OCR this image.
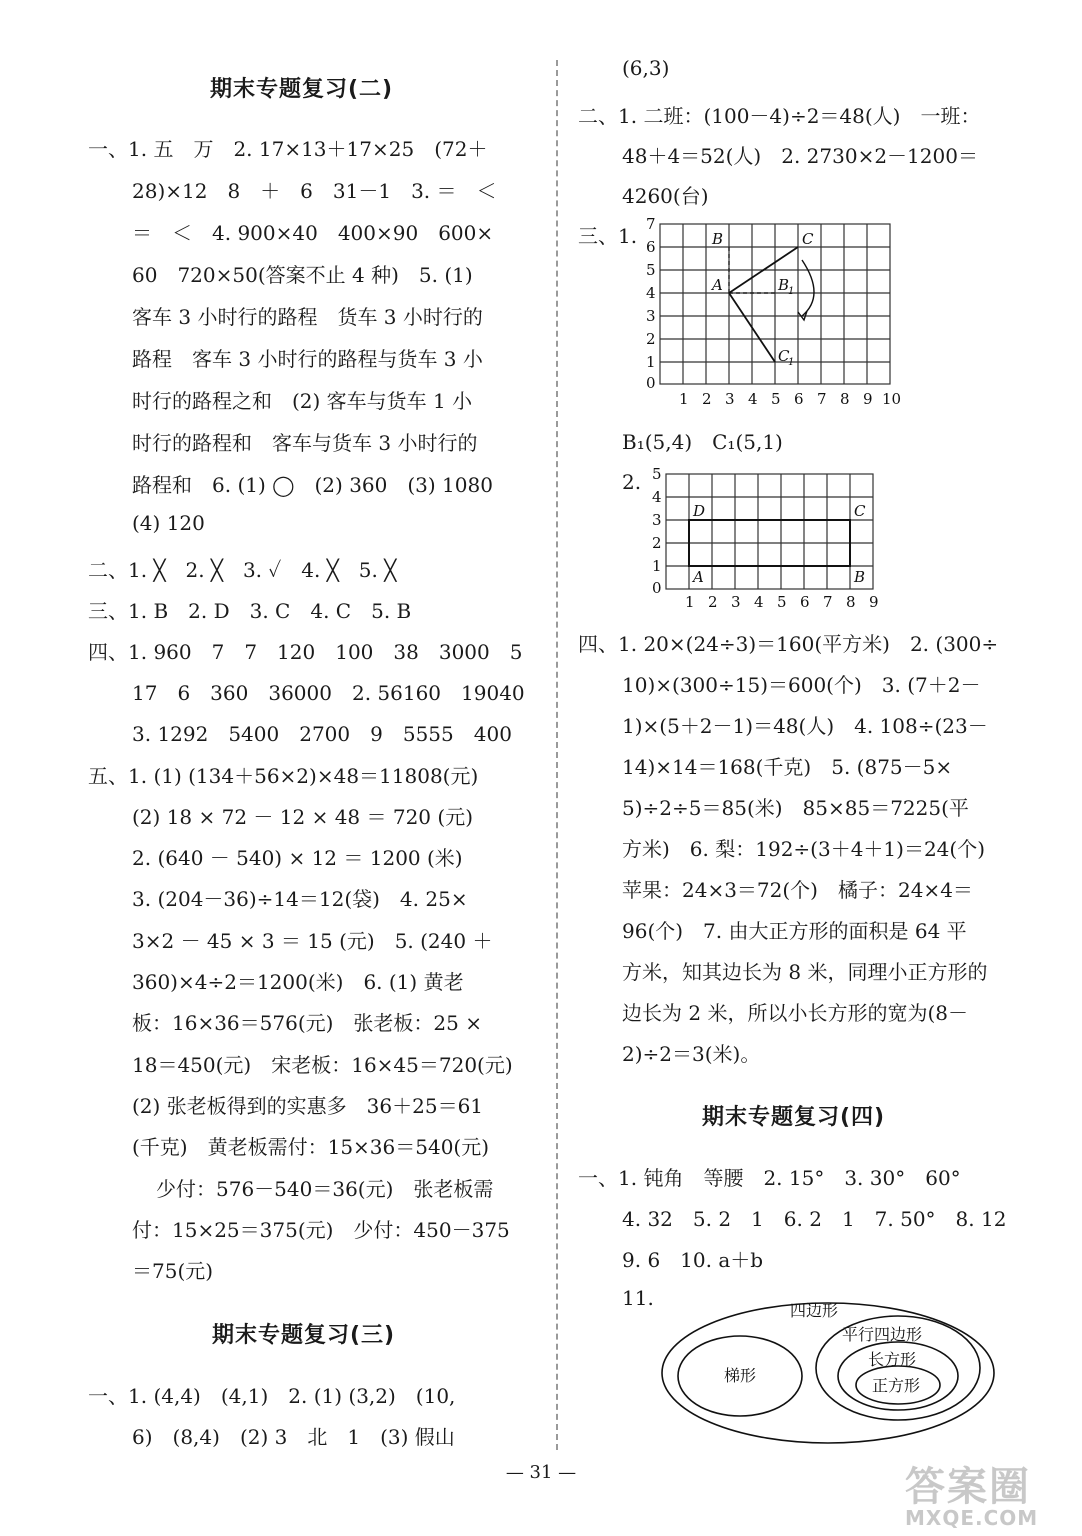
期末专题复习(二)
一、1. 五　万　2. 17×13＋17×25　(72＋
28)×12　8　＋　6　31－1　3. ＝　＜
＝　＜　4. 900×40　400×90　600×
60　720×50(答案不止 4 种)　5. (1)
客车 3 小时行的路程　货车 3 小时行的
路程　客车 3 小时行的路程与货车 3 小
时行的路程之和　(2) 客车与货车 1 小
时行的路程和　客车与货车 3 小时行的
路程和　6. (1) ◯　(2) 360　(3) 1080
(4) 120
二、1. ╳　2. ╳　3. ✓　4. ╳　5. ╳
三、1. B　2. D　3. C　4. C　5. B
四、1. 960　7　7　120　100　38　3000　5
17　6　360　36000　2. 56160　19040
3. 1292　5400　2700　9　5555　400
五、1. (1) (134＋56×2)×48＝11808(元)
(2) 18 × 72 － 12 × 48 ＝ 720 (元)
2. (640 － 540) × 12 ＝ 1200 (米)
3. (204－36)÷14＝12(袋)　4. 25×
3×2 － 45 × 3 ＝ 15 (元)　5. (240 ＋
360)×4÷2＝1200(米)　6. (1) 黄老
板：16×36＝576(元)　张老板：25 ×
18＝450(元)　宋老板：16×45＝720(元)
(2) 张老板得到的实惠多　36＋25＝61
(千克)　黄老板需付：15×36＝540(元)
少付：576－540＝36(元)　张老板需
付：15×25＝375(元)　少付：450－375
＝75(元)
期末专题复习(三)
一、1. (4,4)　(4,1)　2. (1) (3,2)　(10,
6)　(8,4)　(2) 3　北　1　(3) 假山
(6,3)
二、1. 二班：(100－4)÷2＝48(人)　一班：
48＋4＝52(人)　2. 2730×2－1200＝
4260(台)
三、1. 7
6
5
4
3
2
1
0
1 2 3 4 5 6 7 8 9 10
A
B	C
B
1
C
1
B₁(5,4)　C₁(5,1)
2. 5
4
3
2
1
0
1 2 3 4 5 6 7 8 9
D	C
A	B
四、1. 20×(24÷3)＝160(平方米)　2. (300÷
10)×(300÷15)＝600(个)　3. (7＋2－
1)×(5＋2－1)＝48(人)　4. 108÷(23－
14)×14＝168(千克)　5. (875－5×
5)÷2÷5＝85(米)　85×85＝7225(平
方米)　6. 梨：192÷(3＋4＋1)＝24(个)
苹果：24×3＝72(个)　橘子：24×4＝
96(个)　7. 由大正方形的面积是 64 平
方米，知其边长为 8 米，同理小正方形的
边长为 2 米，所以小长方形的宽为(8－
2)÷2＝3(米)。
期末专题复习(四)
一、1. 钝角　等腰　2. 15°　3. 30°　60°
4. 32　5. 2　1　6. 2　1　7. 50°　8. 12
9. 6　10. a＋b
11.
四边形
平行四边形
长方形
正方形
梯形
— 31 —	答案圈
MXQE.COM
